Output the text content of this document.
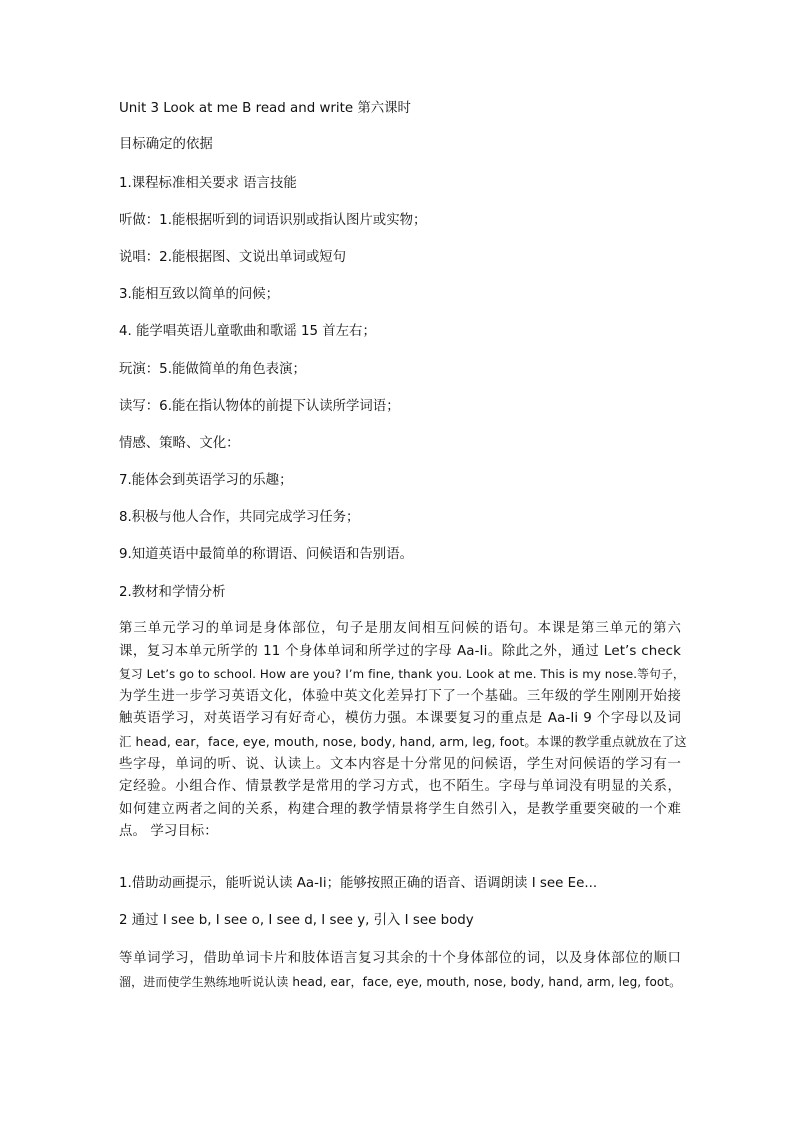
Unit 3 Look at me B read and write 第六课时
目标确定的依据
1.课程标准相关要求 语言技能
听做：1.能根据听到的词语识别或指认图片或实物；
说唱：2.能根据图、文说出单词或短句
3.能相互致以简单的问候；
4. 能学唱英语儿童歌曲和歌谣 15 首左右；
玩演：5.能做简单的角色表演；
读写：6.能在指认物体的前提下认读所学词语；
情感、策略、文化：
7.能体会到英语学习的乐趣；
8.积极与他人合作，共同完成学习任务；
9.知道英语中最简单的称谓语、问候语和告别语。
2.教材和学情分析
第三单元学习的单词是身体部位，句子是朋友间相互问候的语句。本课是第三单元的第六
课，复习本单元所学的 11 个身体单词和所学过的字母 Aa-Ii。除此之外，通过 Let’s check
复习 Let’s go to school. How are you? I’m fine, thank you. Look at me. This is my nose.等句子，
为学生进一步学习英语文化，体验中英文化差异打下了一个基础。三年级的学生刚刚开始接
触英语学习，对英语学习有好奇心，模仿力强。本课要复习的重点是 Aa-Ii 9 个字母以及词
汇 head, ear，face, eye, mouth, nose, body, hand, arm, leg, foot。本课的教学重点就放在了这
些字母，单词的听、说、认读上。文本内容是十分常见的问候语，学生对问候语的学习有一
定经验。小组合作、情景教学是常用的学习方式，也不陌生。字母与单词没有明显的关系，
如何建立两者之间的关系，构建合理的教学情景将学生自然引入，是教学重要突破的一个难
点。 学习目标：
1.借助动画提示，能听说认读 Aa-Ii；能够按照正确的语音、语调朗读 I see Ee...
2 通过 I see b, I see o, I see d, I see y, 引入 I see body
等单词学习，借助单词卡片和肢体语言复习其余的十个身体部位的词，以及身体部位的顺口
溜，进而使学生熟练地听说认读 head, ear，face, eye, mouth, nose, body, hand, arm, leg, foot。
